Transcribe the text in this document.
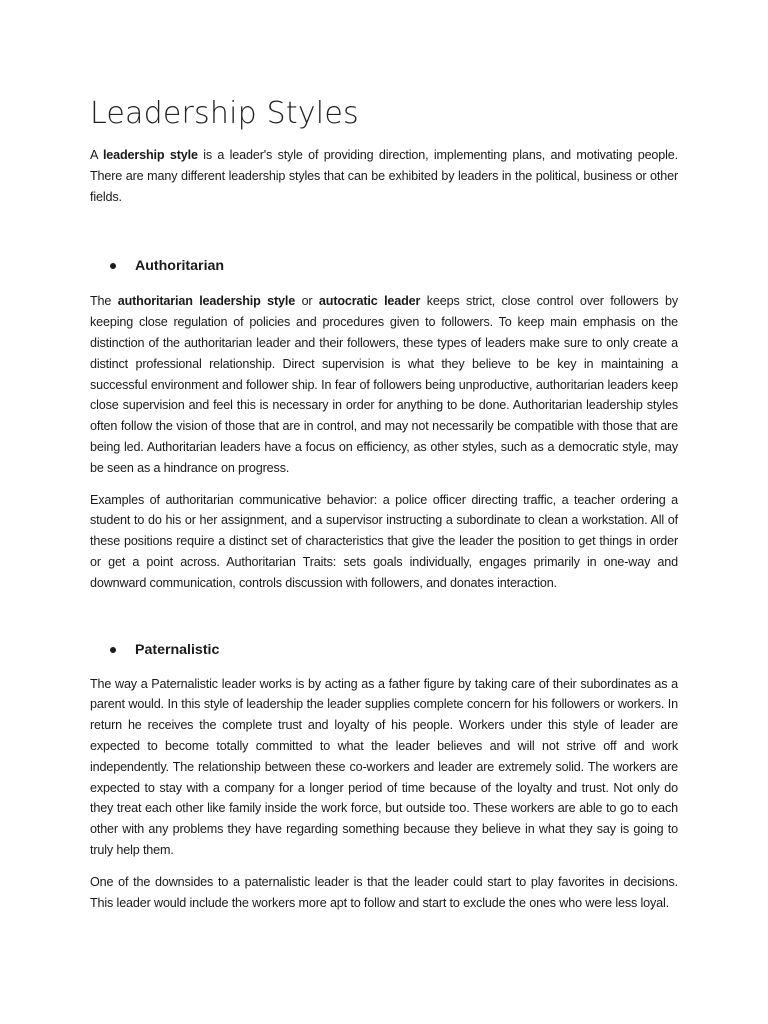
Leadership Styles

A leadership style is a leader's style of providing direction, implementing plans, and motivating people. There are many different leadership styles that can be exhibited by leaders in the political, business or other fields.

Authoritarian

The authoritarian leadership style or autocratic leader keeps strict, close control over followers by keeping close regulation of policies and procedures given to followers. To keep main emphasis on the distinction of the authoritarian leader and their followers, these types of leaders make sure to only create a distinct professional relationship. Direct supervision is what they believe to be key in maintaining a successful environment and follower ship. In fear of followers being unproductive, authoritarian leaders keep close supervision and feel this is necessary in order for anything to be done. Authoritarian leadership styles often follow the vision of those that are in control, and may not necessarily be compatible with those that are being led. Authoritarian leaders have a focus on efficiency, as other styles, such as a democratic style, may be seen as a hindrance on progress.

Examples of authoritarian communicative behavior: a police officer directing traffic, a teacher ordering a student to do his or her assignment, and a supervisor instructing a subordinate to clean a workstation. All of these positions require a distinct set of characteristics that give the leader the position to get things in order or get a point across. Authoritarian Traits: sets goals individually, engages primarily in one-way and downward communication, controls discussion with followers, and donates interaction.

Paternalistic

The way a Paternalistic leader works is by acting as a father figure by taking care of their subordinates as a parent would. In this style of leadership the leader supplies complete concern for his followers or workers. In return he receives the complete trust and loyalty of his people. Workers under this style of leader are expected to become totally committed to what the leader believes and will not strive off and work independently. The relationship between these co-workers and leader are extremely solid. The workers are expected to stay with a company for a longer period of time because of the loyalty and trust. Not only do they treat each other like family inside the work force, but outside too. These workers are able to go to each other with any problems they have regarding something because they believe in what they say is going to truly help them.

One of the downsides to a paternalistic leader is that the leader could start to play favorites in decisions. This leader would include the workers more apt to follow and start to exclude the ones who were less loyal.
